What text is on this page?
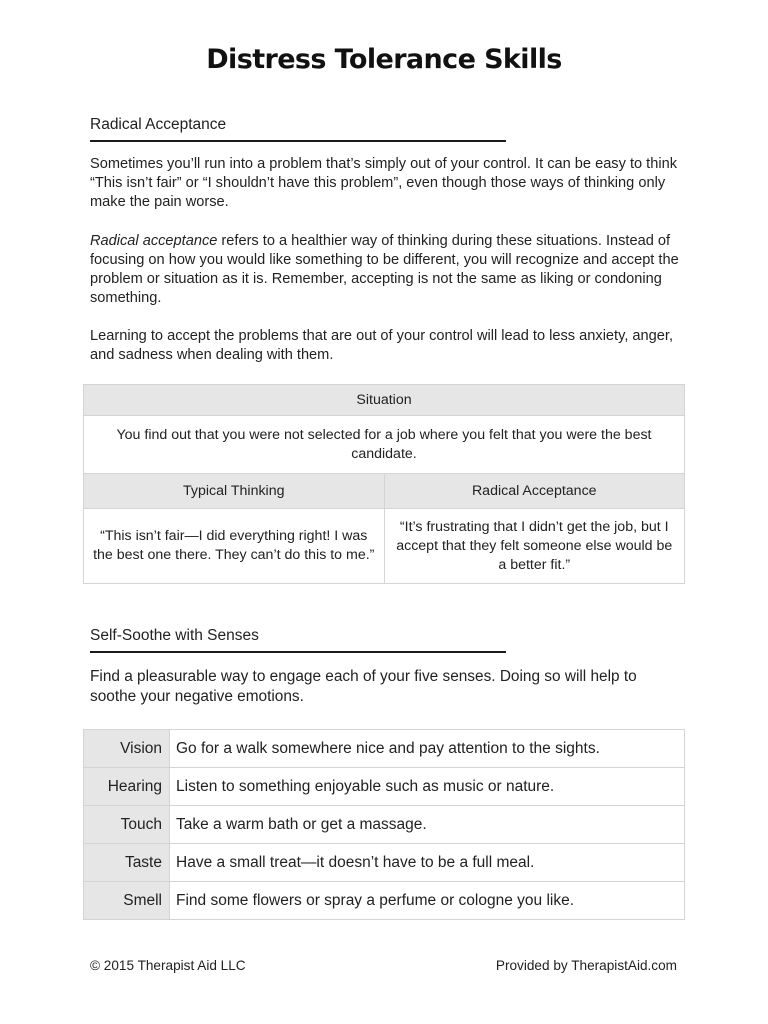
Distress Tolerance Skills
Radical Acceptance

Sometimes you’ll run into a problem that’s simply out of your control. It can be easy to think “This isn’t fair” or “I shouldn’t have this problem”, even though those ways of thinking only make the pain worse.

Radical acceptance refers to a healthier way of thinking during these situations. Instead of focusing on how you would like something to be different, you will recognize and accept the problem or situation as it is. Remember, accepting is not the same as liking or condoning something.

Learning to accept the problems that are out of your control will lead to less anxiety, anger, and sadness when dealing with them.

Situation	
You find out that you were not selected for a job where you felt that you were the best candidate.	
Typical Thinking	Radical Acceptance
“This isn’t fair—I did everything right! I was the best one there. They can’t do this to me.”	“It’s frustrating that I didn’t get the job, but I accept that they felt someone else would be a better fit.”
Self-Soothe with Senses

Find a pleasurable way to engage each of your five senses. Doing so will help to soothe your negative emotions.

Vision	Go for a walk somewhere nice and pay attention to the sights.
Hearing	Listen to something enjoyable such as music or nature.
Touch	Take a warm bath or get a massage.
Taste	Have a small treat—it doesn’t have to be a full meal.
Smell	Find some flowers or spray a perfume or cologne you like.
© 2015 Therapist Aid LLC	Provided by TherapistAid.com
